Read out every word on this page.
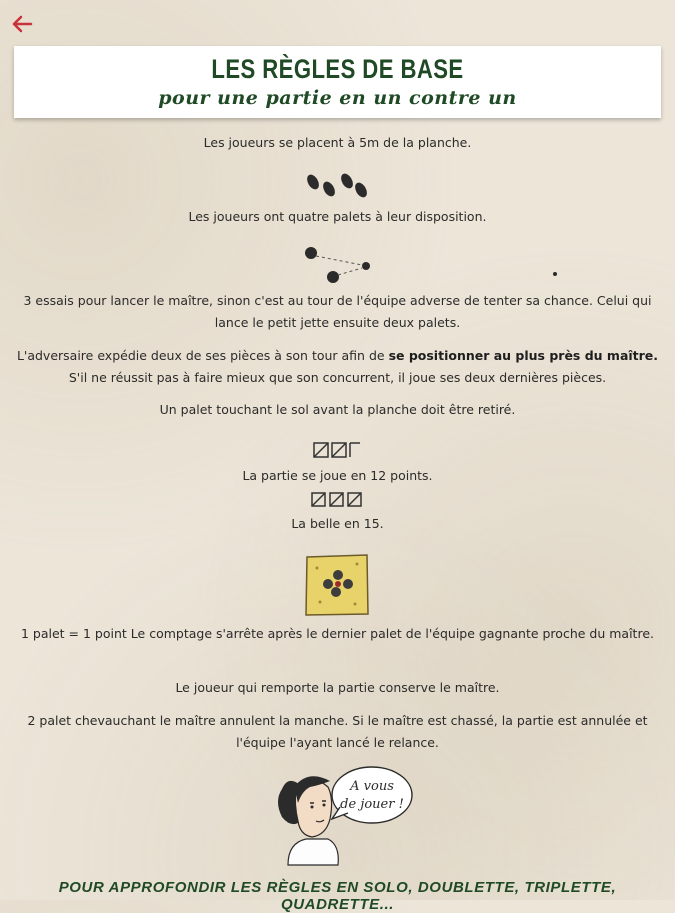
LES RÈGLES DE BASE
pour une partie en un contre un
Les joueurs se placent à 5m de la planche.
Les joueurs ont quatre palets à leur disposition.
3 essais pour lancer le maître, sinon c'est au tour de l'équipe adverse de tenter sa chance. Celui qui lance le petit jette ensuite deux palets.
L'adversaire expédie deux de ses pièces à son tour afin de se positionner au plus près du maître. S'il ne réussit pas à faire mieux que son concurrent, il joue ses deux dernières pièces.
Un palet touchant le sol avant la planche doit être retiré.
La partie se joue en 12 points.
La belle en 15.
1 palet = 1 point Le comptage s'arrête après le dernier palet de l'équipe gagnante proche du maître.
Le joueur qui remporte la partie conserve le maître.
2 palet chevauchant le maître annulent la manche. Si le maître est chassé, la partie est annulée et l'équipe l'ayant lancé le relance.
A vous
de jouer !
POUR APPROFONDIR LES RÈGLES EN SOLO, DOUBLETTE, TRIPLETTE, QUADRETTE...
